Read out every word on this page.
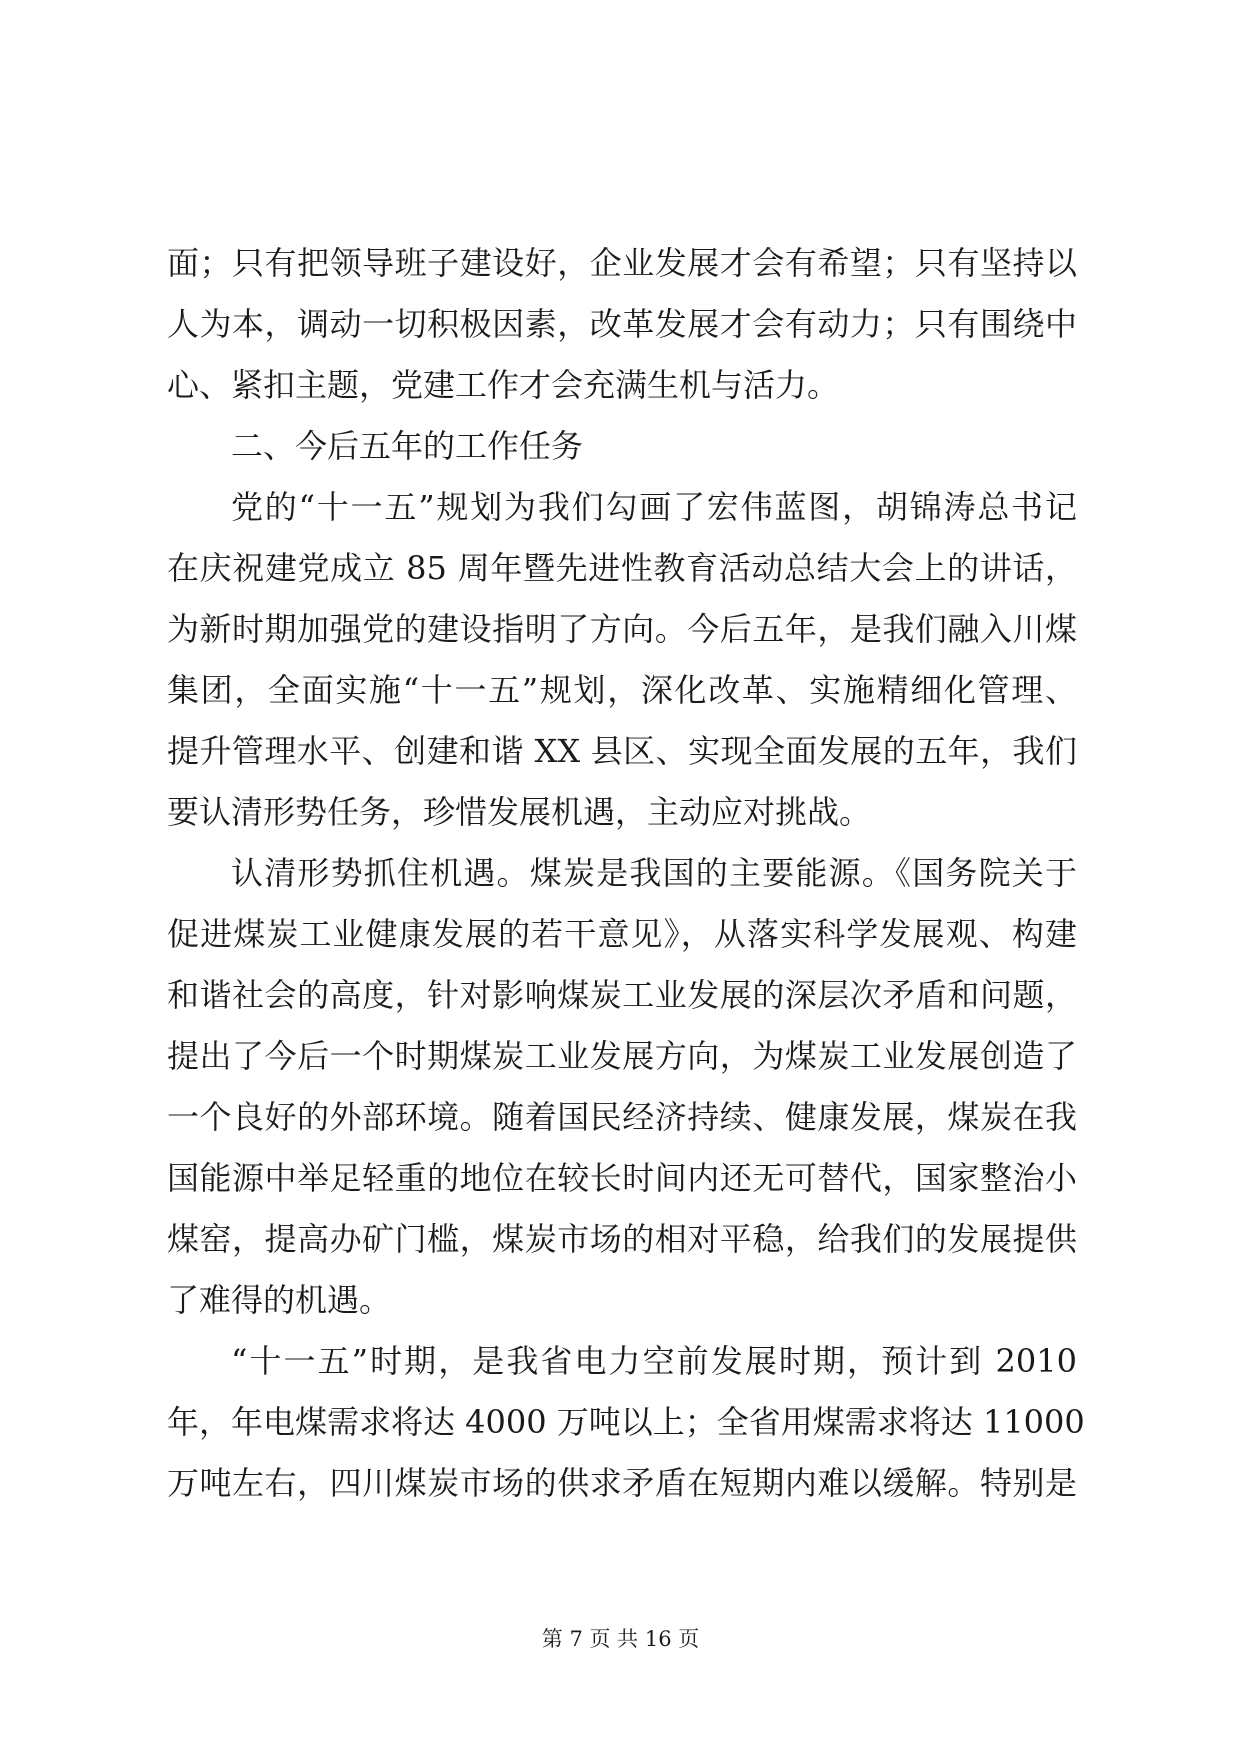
面；只有把领导班子建设好，企业发展才会有希望；只有坚持以
人为本，调动一切积极因素，改革发展才会有动力；只有围绕中
心、紧扣主题，党建工作才会充满生机与活力。
二、今后五年的工作任务
党的“十一五”规划为我们勾画了宏伟蓝图，胡锦涛总书记
在庆祝建党成立 85 周年暨先进性教育活动总结大会上的讲话，
为新时期加强党的建设指明了方向。今后五年，是我们融入川煤
集团，全面实施“十一五”规划，深化改革、实施精细化管理、
提升管理水平、创建和谐 XX 县区、实现全面发展的五年，我们
要认清形势任务，珍惜发展机遇，主动应对挑战。
认清形势抓住机遇。煤炭是我国的主要能源。《国务院关于
促进煤炭工业健康发展的若干意见》，从落实科学发展观、构建
和谐社会的高度，针对影响煤炭工业发展的深层次矛盾和问题，
提出了今后一个时期煤炭工业发展方向，为煤炭工业发展创造了
一个良好的外部环境。随着国民经济持续、健康发展，煤炭在我
国能源中举足轻重的地位在较长时间内还无可替代，国家整治小
煤窑，提高办矿门槛，煤炭市场的相对平稳，给我们的发展提供
了难得的机遇。
“十一五”时期，是我省电力空前发展时期，预计到 2010
年，年电煤需求将达 4000 万吨以上；全省用煤需求将达 11000
万吨左右，四川煤炭市场的供求矛盾在短期内难以缓解。特别是
第 7 页 共 16 页
